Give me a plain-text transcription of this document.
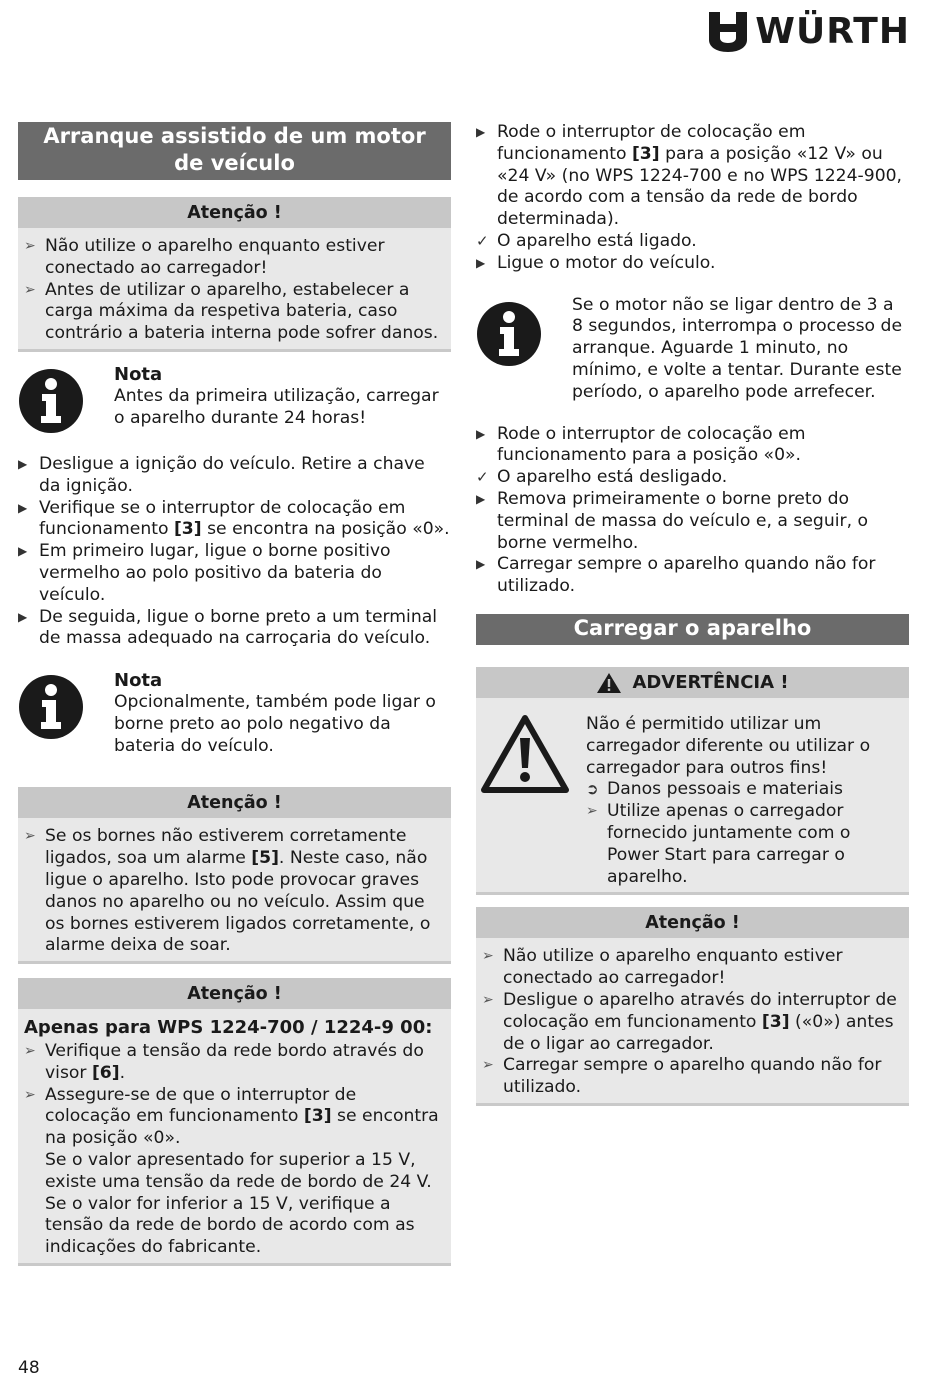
WÜRTH
Arranque assistido de um motor de veículo
Atenção !
➢ Não utilize o aparelho enquanto estiver conectado ao carregador!
➢ Antes de utilizar o aparelho, estabelecer a carga máxima da respetiva bateria, caso contrário a bateria interna pode sofrer danos.
Nota
Antes da primeira utilização, carregar o aparelho durante 24 horas!
▶ Desligue a ignição do veículo. Retire a chave da ignição.
▶ Verifique se o interruptor de colocação em funcionamento [3] se encontra na posição «0».
▶ Em primeiro lugar, ligue o borne positivo vermelho ao polo positivo da bateria do veículo.
▶ De seguida, ligue o borne preto a um terminal de massa adequado na carroçaria do veículo.
Nota
Opcionalmente, também pode ligar o borne preto ao polo negativo da bateria do veículo.
Atenção !
➢ Se os bornes não estiverem corretamente ligados, soa um alarme [5]. Neste caso, não ligue o aparelho. Isto pode provocar graves danos no aparelho ou no veículo. Assim que os bornes estiverem ligados corretamente, o alarme deixa de soar.
Atenção !
Apenas para WPS 1224-700 / 1224-9 00:
➢ Verifique a tensão da rede bordo através do visor [6].
➢ Assegure-se de que o interruptor de colocação em funcionamento [3] se encontra na posição «0».
Se o valor apresentado for superior a 15 V, existe uma tensão da rede de bordo de 24 V. Se o valor for inferior a 15 V, verifique a tensão da rede de bordo de acordo com as indicações do fabricante.
▶ Rode o interruptor de colocação em funcionamento [3] para a posição «12 V» ou «24 V» (no WPS 1224-700 e no WPS 1224-900, de acordo com a tensão da rede de bordo determinada).
✓ O aparelho está ligado.
▶ Ligue o motor do veículo.
Se o motor não se ligar dentro de 3 a 8 segundos, interrompa o processo de arranque. Aguarde 1 minuto, no mínimo, e volte a tentar. Durante este período, o aparelho pode arrefecer.
▶ Rode o interruptor de colocação em funcionamento para a posição «0».
✓ O aparelho está desligado.
▶ Remova primeiramente o borne preto do terminal de massa do veículo e, a seguir, o borne vermelho.
▶ Carregar sempre o aparelho quando não for utilizado.
Carregar o aparelho
ADVERTÊNCIA !
Não é permitido utilizar um carregador diferente ou utilizar o carregador para outros fins!
➲ Danos pessoais e materiais
➢ Utilize apenas o carregador fornecido juntamente com o Power Start para carregar o aparelho.
Atenção !
➢ Não utilize o aparelho enquanto estiver conectado ao carregador!
➢ Desligue o aparelho através do interruptor de colocação em funcionamento [3] («0») antes de o ligar ao carregador.
➢ Carregar sempre o aparelho quando não for utilizado.
48
